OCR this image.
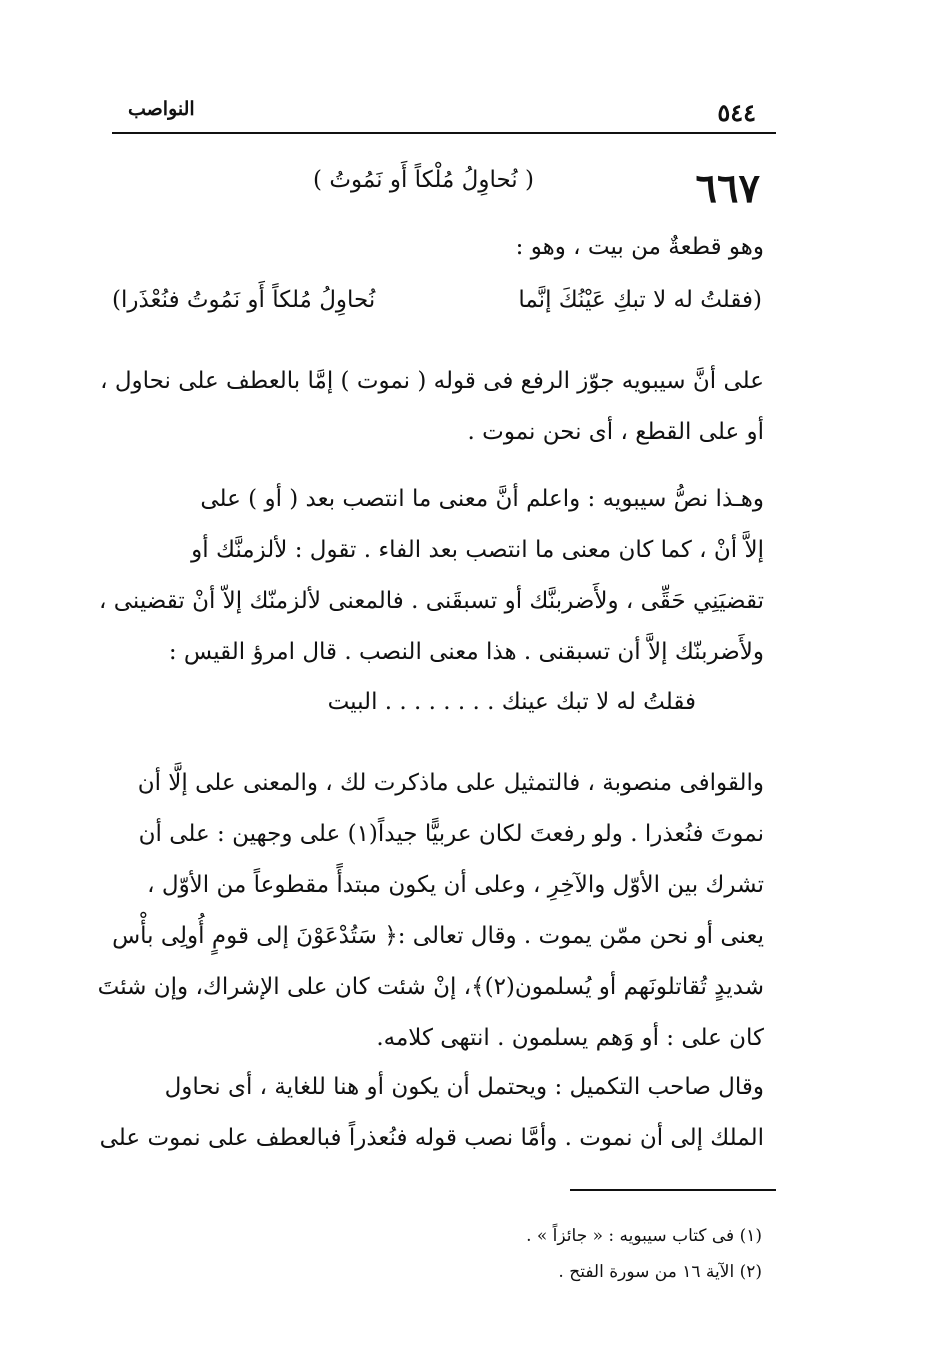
٥٤٤
النواصب
٦٦٧
( نُحاوِلُ مُلْكاً أَو نَمُوتُ )
وهو قطعةٌ من بيت ، وهو :
(فقلتُ له لا تبكِ عَيْنُكَ إنَّما
نُحاوِلُ مُلكاً أَو نَمُوتُ فنُعْذَرا)
على أنَّ سيبويه جوّز الرفع فى قوله ( نموت ) إمَّا بالعطف على نحاول ،
أو على القطع ، أى نحن نموت .
وهـذا نصُّ سيبويه : واعلم أنَّ معنى ما انتصب بعد ( أو ) على
إلاَّ أنْ ، كما كان معنى ما انتصب بعد الفاء . تقول : لألزمنَّك أو
تقضيَنِي حَقِّى ، ولأَضربنَّك أو تسبقَنى . فالمعنى لألزمنّك إلاّ أنْ تقضينى ،
ولأَضربنّك إلاَّ أن تسبقنى . هذا معنى النصب . قال امرؤ القيس :
فقلتُ له لا تبك عينك . . . . . . . . البيت
والقوافى منصوبة ، فالتمثيل على ماذكرت لك ، والمعنى على إلَّا أن
نموتَ فنُعذرا . ولو رفعتَ لكان عربيًّا جيداً(١) على وجهين : على أن
تشرك بين الأوّل والآخِرِ ، وعلى أن يكون مبتدأً مقطوعاً من الأوّل ،
يعنى أو نحن ممّن يموت . وقال تعالى :﴿ سَتُدْعَوْنَ إلى قومٍ أُولِى بأْس
شديدٍ تُقاتلونَهم أو يُسلمون(٢)﴾، إنْ شئت كان على الإشراك، وإن شئتَ
كان على : أو وَهم يسلمون . انتهى كلامه.
وقال صاحب التكميل : ويحتمل أن يكون أو هنا للغاية ، أى نحاول
الملك إلى أن نموت . وأمَّا نصب قوله فنُعذراً فبالعطف على نموت على
(١) فى كتاب سيبويه : « جائزاً » .
(٢) الآية ١٦ من سورة الفتح .
